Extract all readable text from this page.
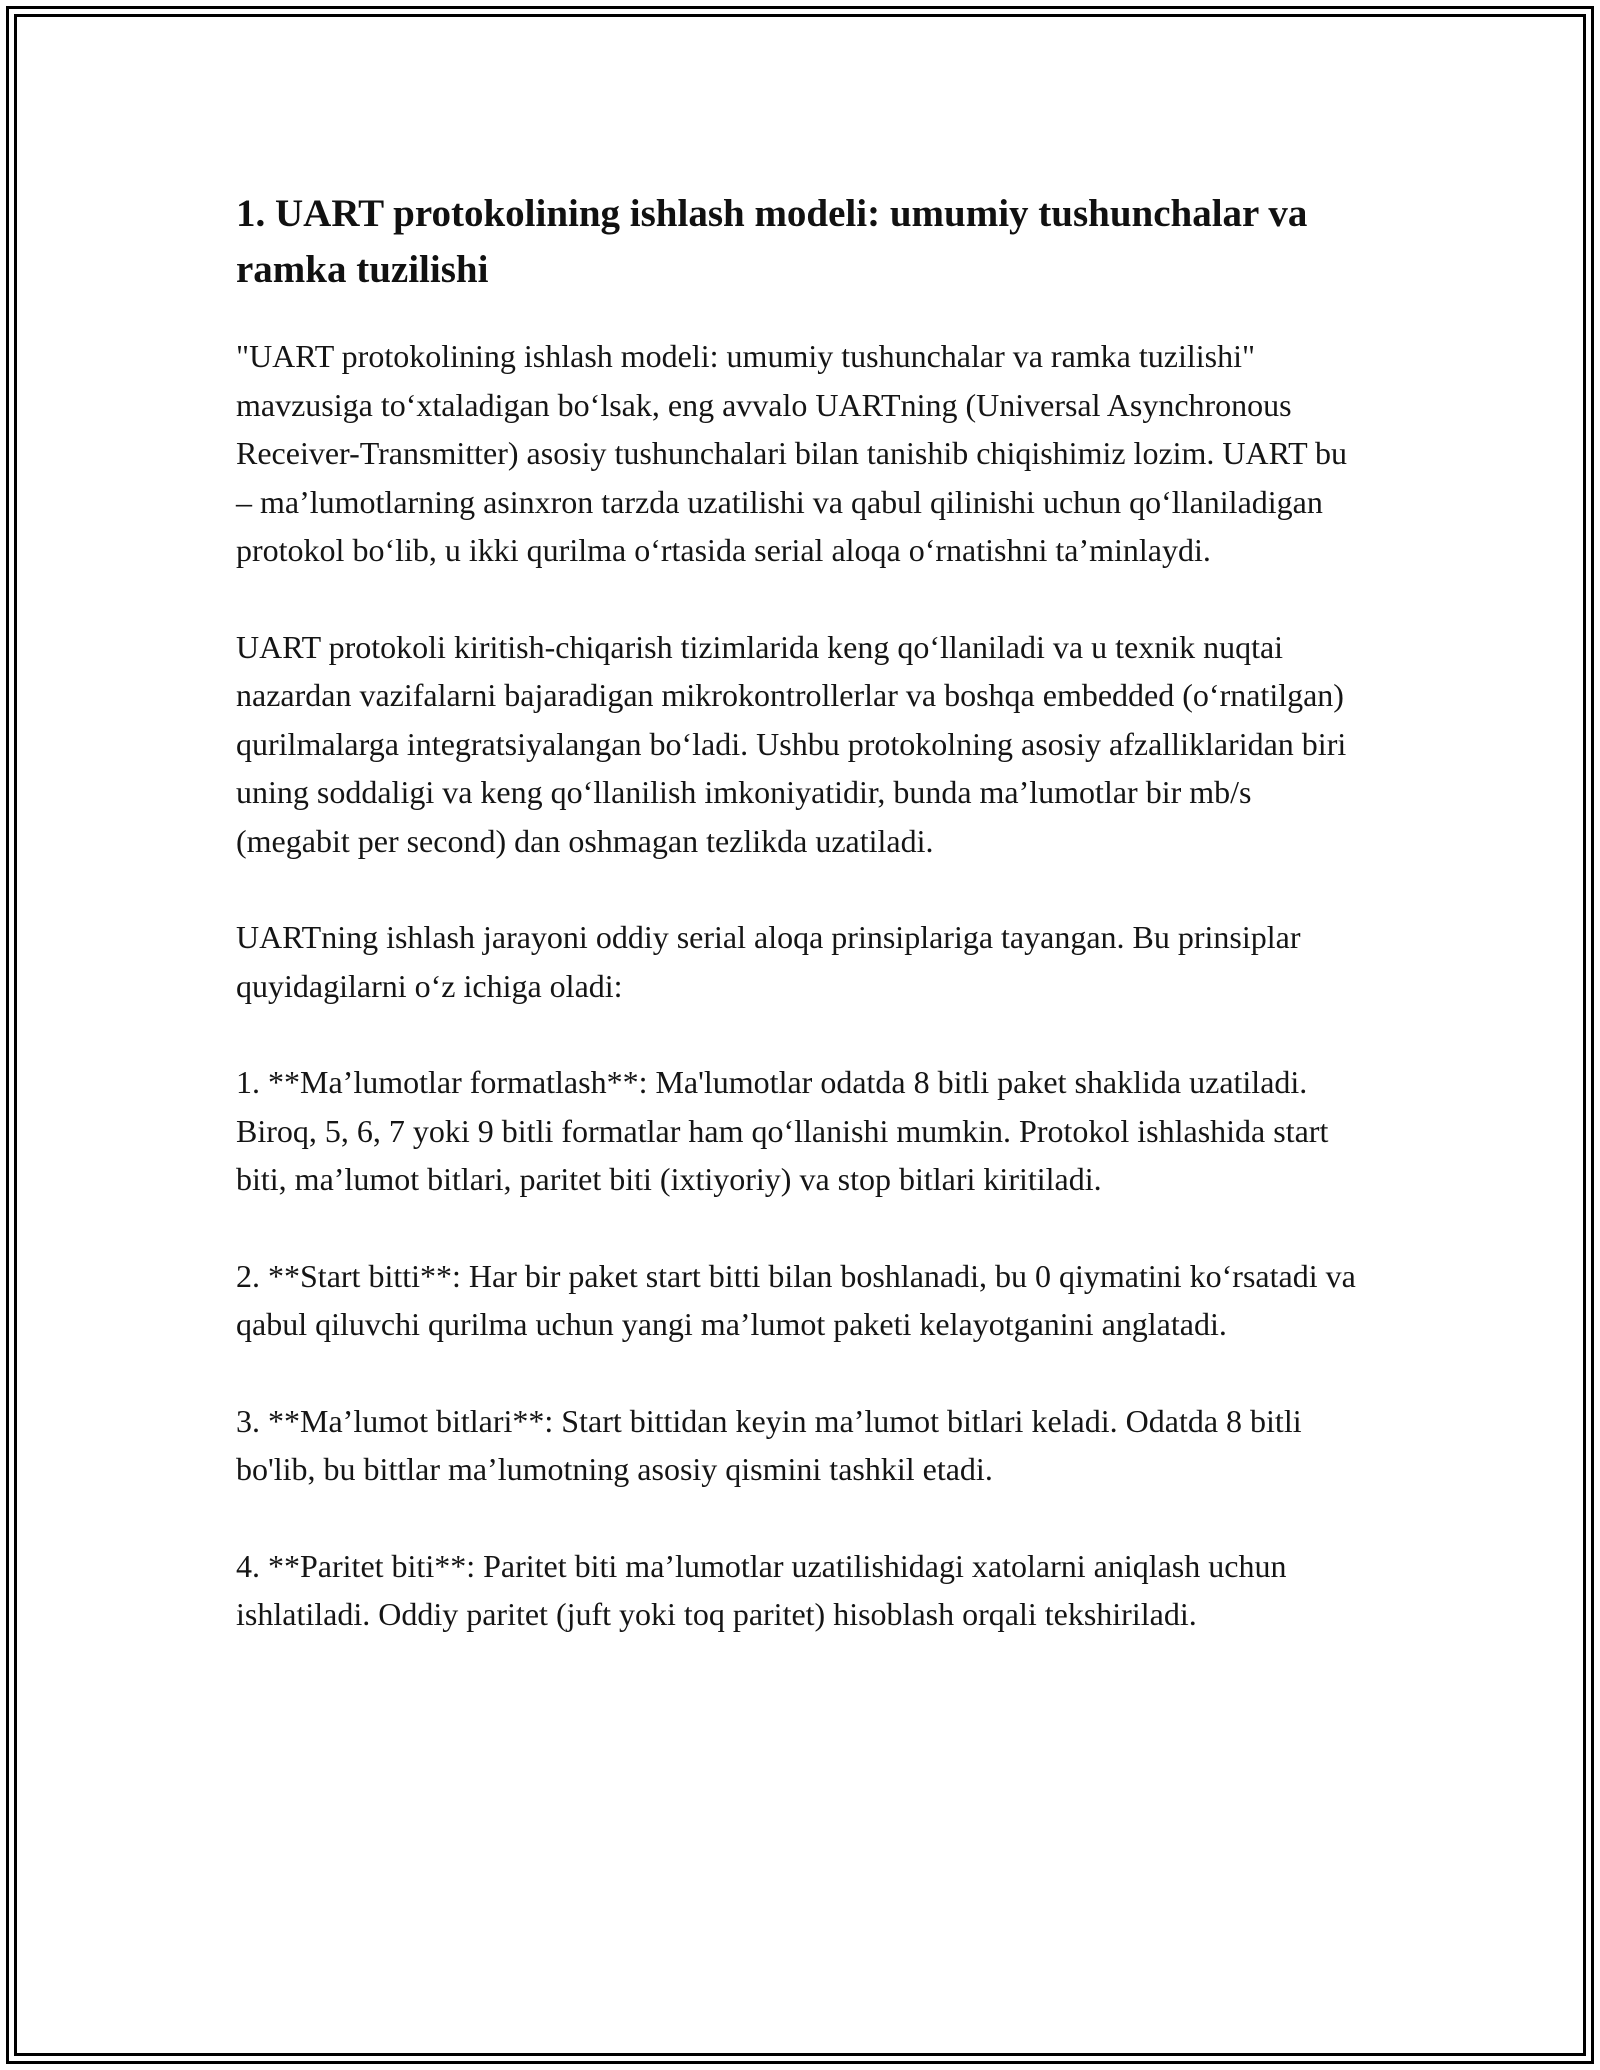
1. UART protokolining ishlash modeli: umumiy tushunchalar va ramka tuzilishi

"UART protokolining ishlash modeli: umumiy tushunchalar va ramka tuzilishi" mavzusiga to‘xtaladigan bo‘lsak, eng avvalo UARTning (Universal Asynchronous Receiver-Transmitter) asosiy tushunchalari bilan tanishib chiqishimiz lozim. UART bu – ma’lumotlarning asinxron tarzda uzatilishi va qabul qilinishi uchun qo‘llaniladigan protokol bo‘lib, u ikki qurilma o‘rtasida serial aloqa o‘rnatishni ta’minlaydi.

UART protokoli kiritish-chiqarish tizimlarida keng qo‘llaniladi va u texnik nuqtai nazardan vazifalarni bajaradigan mikrokontrollerlar va boshqa embedded (o‘rnatilgan) qurilmalarga integratsiyalangan bo‘ladi. Ushbu protokolning asosiy afzalliklaridan biri uning soddaligi va keng qo‘llanilish imkoniyatidir, bunda ma’lumotlar bir mb/s (megabit per second) dan oshmagan tezlikda uzatiladi.

UARTning ishlash jarayoni oddiy serial aloqa prinsiplariga tayangan. Bu prinsiplar quyidagilarni o‘z ichiga oladi:

1. **Ma’lumotlar formatlash**: Ma'lumotlar odatda 8 bitli paket shaklida uzatiladi. Biroq, 5, 6, 7 yoki 9 bitli formatlar ham qo‘llanishi mumkin. Protokol ishlashida start biti, ma’lumot bitlari, paritet biti (ixtiyoriy) va stop bitlari kiritiladi.

2. **Start bitti**: Har bir paket start bitti bilan boshlanadi, bu 0 qiymatini ko‘rsatadi va qabul qiluvchi qurilma uchun yangi ma’lumot paketi kelayotganini anglatadi.

3. **Ma’lumot bitlari**: Start bittidan keyin ma’lumot bitlari keladi. Odatda 8 bitli bo'lib, bu bittlar ma’lumotning asosiy qismini tashkil etadi.

4. **Paritet biti**: Paritet biti ma’lumotlar uzatilishidagi xatolarni aniqlash uchun ishlatiladi. Oddiy paritet (juft yoki toq paritet) hisoblash orqali tekshiriladi.
